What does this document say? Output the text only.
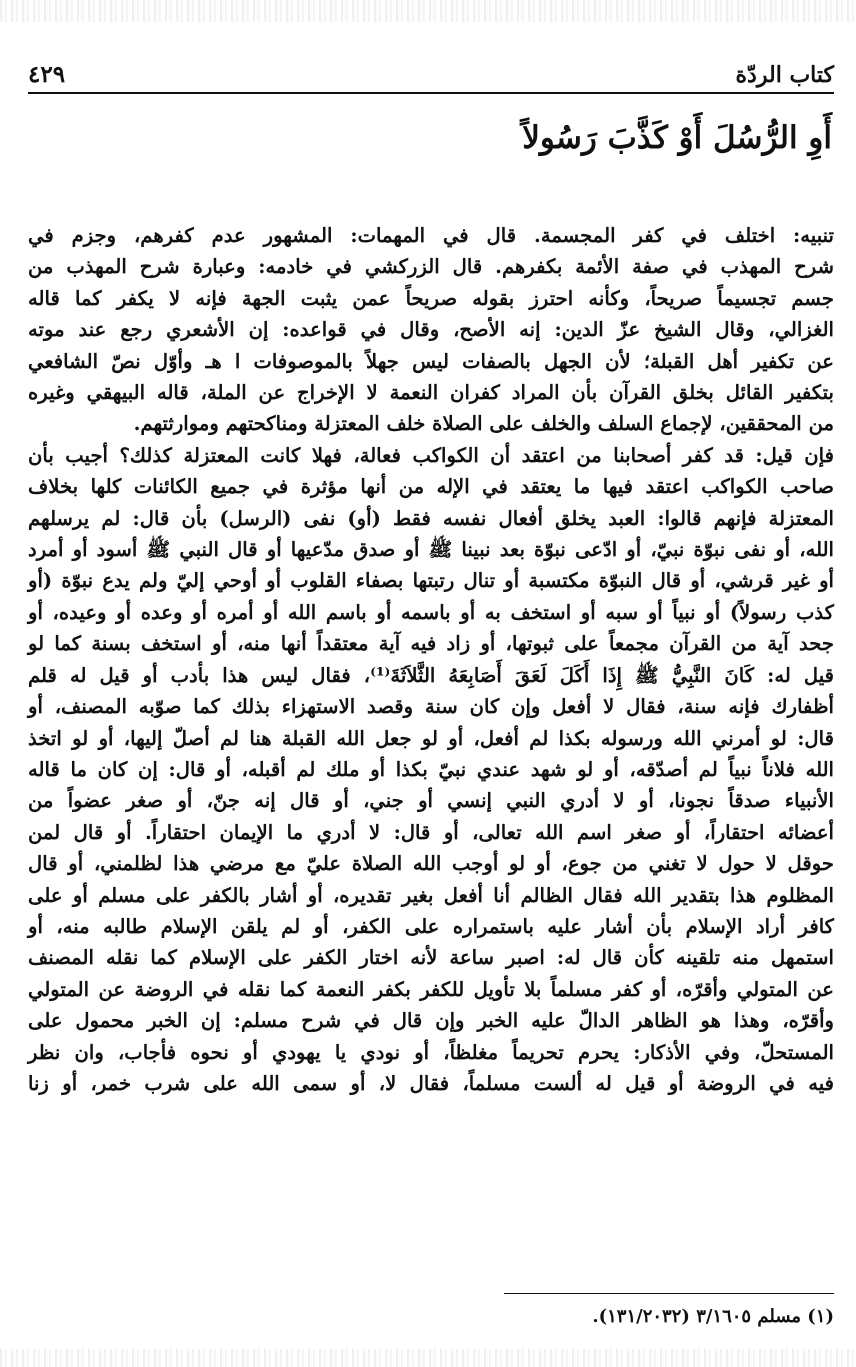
كتاب الردّة
٤٢٩
أَوِ الرُّسُلَ أَوْ كَذَّبَ رَسُولاً
تنبيه: اختلف في كفر المجسمة. قال في المهمات: المشهور عدم كفرهم، وجزم في
شرح المهذب في صفة الأئمة بكفرهم. قال الزركشي في خادمه: وعبارة شرح المهذب من
جسم تجسيماً صريحاً، وكأنه احترز بقوله صريحاً عمن يثبت الجهة فإنه لا يكفر كما قاله
الغزالي، وقال الشيخ عزّ الدين: إنه الأصح، وقال في قواعده: إن الأشعري رجع عند موته
عن تكفير أهل القبلة؛ لأن الجهل بالصفات ليس جهلاً بالموصوفات ا هـ وأوّل نصّ الشافعي
بتكفير القائل بخلق القرآن بأن المراد كفران النعمة لا الإخراج عن الملة، قاله البيهقي وغيره
من المحققين، لإجماع السلف والخلف على الصلاة خلف المعتزلة ومناكحتهم وموارثتهم.
فإن قيل: قد كفر أصحابنا من اعتقد أن الكواكب فعالة، فهلا كانت المعتزلة كذلك؟ أجيب بأن
صاحب الكواكب اعتقد فيها ما يعتقد في الإله من أنها مؤثرة في جميع الكائنات كلها بخلاف
المعتزلة فإنهم قالوا: العبد يخلق أفعال نفسه فقط (أو) نفى (الرسل) بأن قال: لم يرسلهم
الله، أو نفى نبوّة نبيّ، أو ادّعى نبوّة بعد نبينا ﷺ أو صدق مدّعيها أو قال النبي ﷺ أسود أو أمرد
أو غير قرشي، أو قال النبوّة مكتسبة أو تنال رتبتها بصفاء القلوب أو أوحي إليّ ولم يدع نبوّة (أو
كذب رسولاً) أو نبياً أو سبه أو استخف به أو باسمه أو باسم الله أو أمره أو وعده أو وعيده، أو
جحد آية من القرآن مجمعاً على ثبوتها، أو زاد فيه آية معتقداً أنها منه، أو استخف بسنة كما لو
قيل له: كَانَ النَّبِيُّ ﷺ إِذَا أَكَلَ لَعَقَ أَصَابِعَهُ الثَّلاَثَةَ⁽¹⁾، فقال ليس هذا بأدب أو قيل له قلم
أظفارك فإنه سنة، فقال لا أفعل وإن كان سنة وقصد الاستهزاء بذلك كما صوّبه المصنف، أو
قال: لو أمرني الله ورسوله بكذا لم أفعل، أو لو جعل الله القبلة هنا لم أصلّ إليها، أو لو اتخذ
الله فلاناً نبياً لم أصدّقه، أو لو شهد عندي نبيّ بكذا أو ملك لم أقبله، أو قال: إن كان ما قاله
الأنبياء صدقاً نجونا، أو لا أدري النبي إنسي أو جني، أو قال إنه جنّ، أو صغر عضواً من
أعضائه احتقاراً، أو صغر اسم الله تعالى، أو قال: لا أدري ما الإيمان احتقاراً. أو قال لمن
حوقل لا حول لا تغني من جوع، أو لو أوجب الله الصلاة عليّ مع مرضي هذا لظلمني، أو قال
المظلوم هذا بتقدير الله فقال الظالم أنا أفعل بغير تقديره، أو أشار بالكفر على مسلم أو على
كافر أراد الإسلام بأن أشار عليه باستمراره على الكفر، أو لم يلقن الإسلام طالبه منه، أو
استمهل منه تلقينه كأن قال له: اصبر ساعة لأنه اختار الكفر على الإسلام كما نقله المصنف
عن المتولي وأقرّه، أو كفر مسلماً بلا تأويل للكفر بكفر النعمة كما نقله في الروضة عن المتولي
وأقرّه، وهذا هو الظاهر الدالّ عليه الخبر وإن قال في شرح مسلم: إن الخبر محمول على
المستحلّ، وفي الأذكار: يحرم تحريماً مغلظاً، أو نودي يا يهودي أو نحوه فأجاب، وان نظر
فيه في الروضة أو قيل له ألست مسلماً، فقال لا، أو سمى الله على شرب خمر، أو زنا
(١) مسلم ٣/١٦٠٥ (١٣١/٢٠٣٢).
